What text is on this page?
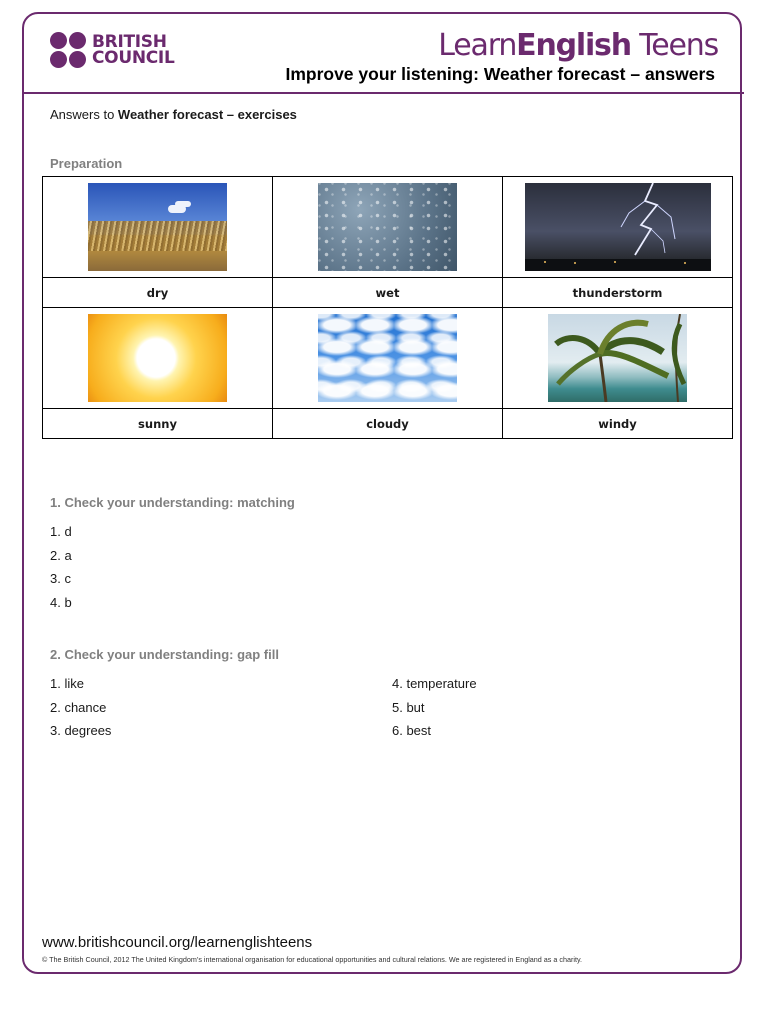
BRITISH
COUNCIL	LearnEnglish Teens
Improve your listening: Weather forecast – answers
Answers to Weather forecast – exercises
Preparation

dry	wet	thunderstorm

sunny	cloudy	windy
1. Check your understanding: matching
1. d
2. a
3. c
4. b
2. Check your understanding: gap fill
1. like
2. chance
3. degrees
4. temperature
5. but
6. best
www.britishcouncil.org/learnenglishteens
© The British Council, 2012 The United Kingdom’s international organisation for educational opportunities and cultural relations. We are registered in England as a charity.
